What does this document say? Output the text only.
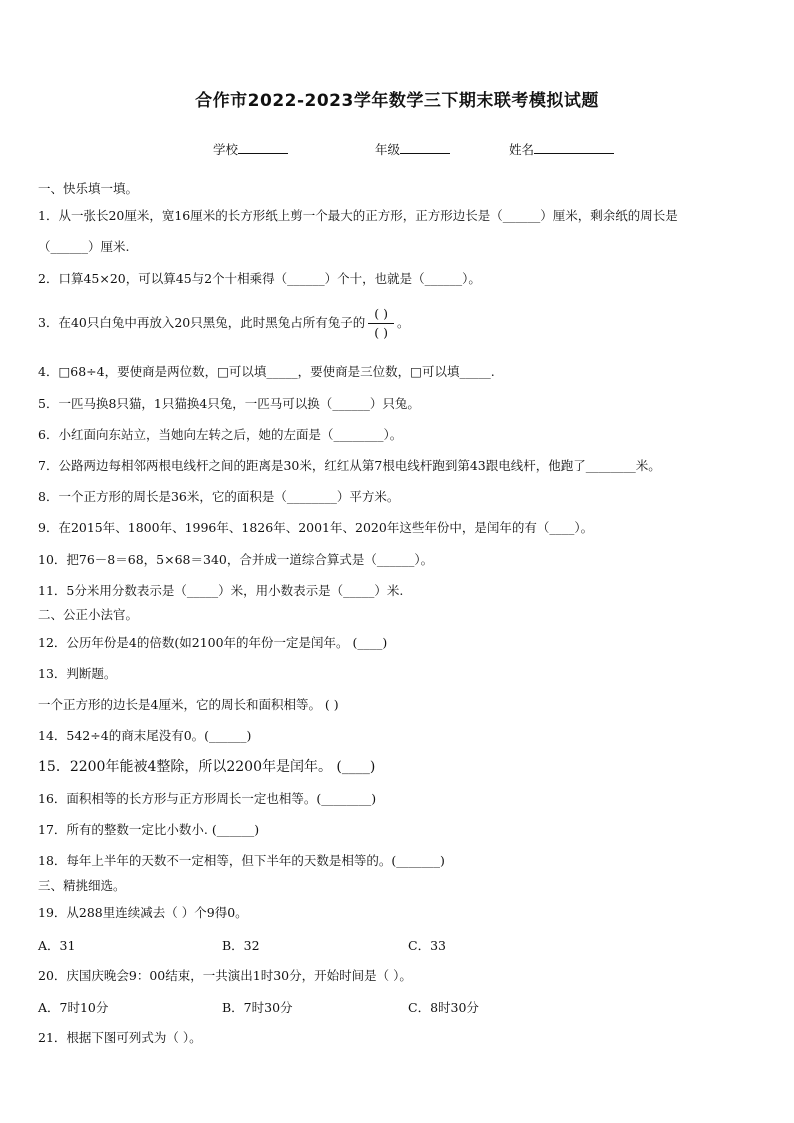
合作市2022-2023学年数学三下期末联考模拟试题
学校	年级	姓名
一、快乐填一填。
1．从一张长20厘米，宽16厘米的长方形纸上剪一个最大的正方形，正方形边长是（______）厘米，剩余纸的周长是
（______）厘米.
2．口算45×20，可以算45与2个十相乘得（______）个十，也就是（______）。
3．在40只白兔中再放入20只黑兔，此时黑兔占所有兔子的 $\frac{( )}{( )}$ 。
4．□68÷4，要使商是两位数，□可以填_____，要使商是三位数，□可以填_____.
5．一匹马换8只猫，1只猫换4只兔，一匹马可以换（______）只兔。
6．小红面向东站立，当她向左转之后，她的左面是（________）。
7．公路两边每相邻两根电线杆之间的距离是30米，红红从第7根电线杆跑到第43跟电线杆，他跑了________米。
8．一个正方形的周长是36米，它的面积是（________）平方米。
9．在2015年、1800年、1996年、1826年、2001年、2020年这些年份中，是闰年的有（____）。
10．把76－8＝68，5×68＝340，合并成一道综合算式是（______）。
11．5分米用分数表示是（_____）米，用小数表示是（_____）米.
二、公正小法官。
12．公历年份是4的倍数(如2100年的年份一定是闰年。 (____)
13．判断题。
一个正方形的边长是4厘米，它的周长和面积相等。 ( )
14．542÷4的商末尾没有0。(______)
15．2200年能被4整除，所以2200年是闰年。 (____)
16．面积相等的长方形与正方形周长一定也相等。(________)
17．所有的整数一定比小数小. (______)
18．每年上半年的天数不一定相等，但下半年的天数是相等的。(_______)
三、精挑细选。
19．从288里连续减去（ ）个9得0。
A．31	B．32	C．33
20．庆国庆晚会9：00结束，一共演出1时30分，开始时间是（ ）。
A．7时10分	B．7时30分	C．8时30分
21．根据下图可列式为（ ）。
